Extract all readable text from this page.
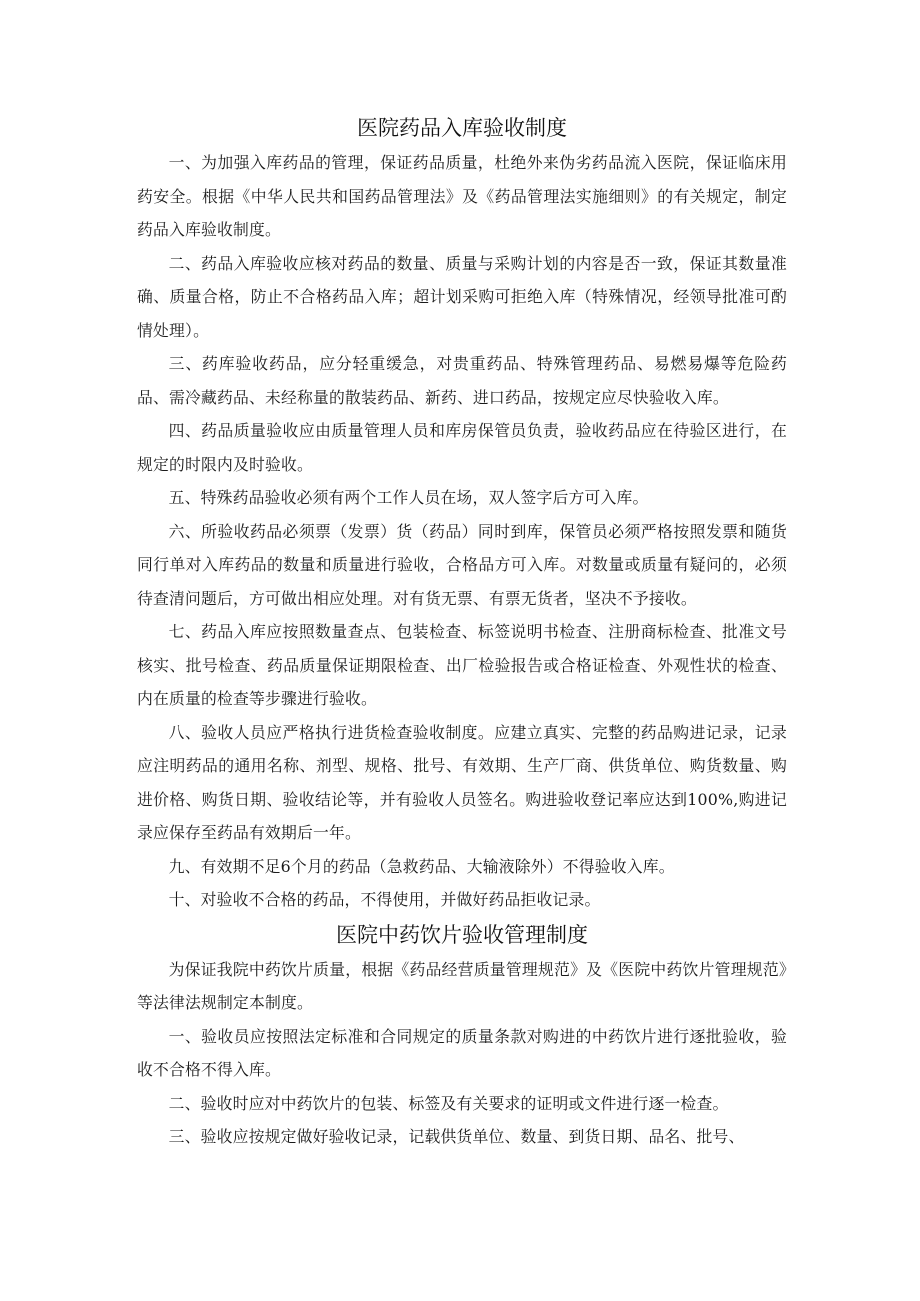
医院药品入库验收制度

一、为加强入库药品的管理，保证药品质量，杜绝外来伪劣药品流入医院，保证临床用药安全。根据《中华人民共和国药品管理法》及《药品管理法实施细则》的有关规定，制定药品入库验收制度。

二、药品入库验收应核对药品的数量、质量与采购计划的内容是否一致，保证其数量准确、质量合格，防止不合格药品入库；超计划采购可拒绝入库（特殊情况，经领导批准可酌情处理）。

三、药库验收药品，应分轻重缓急，对贵重药品、特殊管理药品、易燃易爆等危险药品、需冷藏药品、未经称量的散装药品、新药、进口药品，按规定应尽快验收入库。

四、药品质量验收应由质量管理人员和库房保管员负责，验收药品应在待验区进行，在规定的时限内及时验收。

五、特殊药品验收必须有两个工作人员在场，双人签字后方可入库。

六、所验收药品必须票（发票）货（药品）同时到库，保管员必须严格按照发票和随货同行单对入库药品的数量和质量进行验收，合格品方可入库。对数量或质量有疑问的，必须待查清问题后，方可做出相应处理。对有货无票、有票无货者，坚决不予接收。

七、药品入库应按照数量查点、包装检查、标签说明书检查、注册商标检查、批准文号核实、批号检查、药品质量保证期限检查、出厂检验报告或合格证检查、外观性状的检查、内在质量的检查等步骤进行验收。

八、验收人员应严格执行进货检查验收制度。应建立真实、完整的药品购进记录，记录应注明药品的通用名称、剂型、规格、批号、有效期、生产厂商、供货单位、购货数量、购进价格、购货日期、验收结论等，并有验收人员签名。购进验收登记率应达到100%,购进记录应保存至药品有效期后一年。

九、有效期不足6个月的药品（急救药品、大输液除外）不得验收入库。

十、对验收不合格的药品，不得使用，并做好药品拒收记录。

医院中药饮片验收管理制度

为保证我院中药饮片质量，根据《药品经营质量管理规范》及《医院中药饮片管理规范》等法律法规制定本制度。

一、验收员应按照法定标准和合同规定的质量条款对购进的中药饮片进行逐批验收，验收不合格不得入库。

二、验收时应对中药饮片的包装、标签及有关要求的证明或文件进行逐一检查。

三、验收应按规定做好验收记录，记载供货单位、数量、到货日期、品名、批号、
